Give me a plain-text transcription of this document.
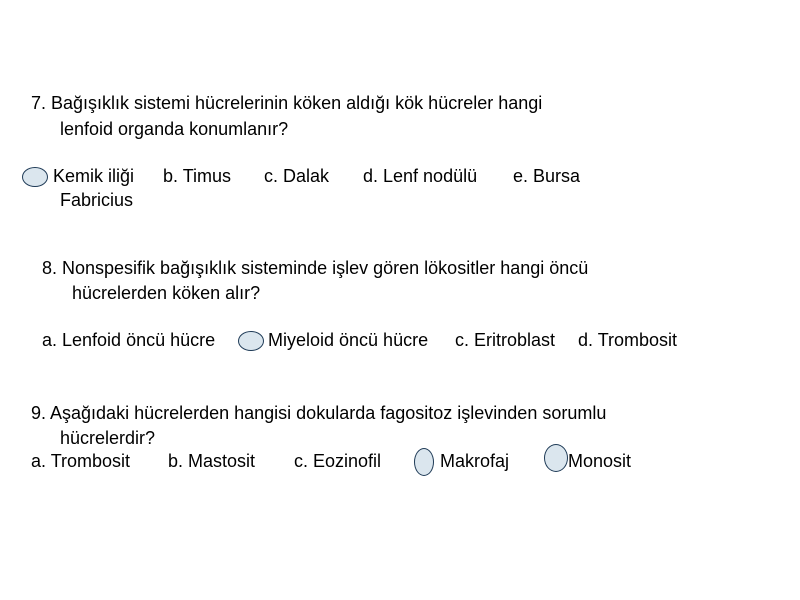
7. Bağışıklık sistemi hücrelerinin köken aldığı kök hücreler hangi
lenfoid organda konumlanır?
Kemik iliği b. Timus c. Dalak d. Lenf nodülü e. Bursa
Fabricius
8. Nonspesifik bağışıklık sisteminde işlev gören lökositler hangi öncü
hücrelerden köken alır?
a. Lenfoid öncü hücre	Miyeloid öncü hücre c. Eritroblast d. Trombosit
9. Aşağıdaki hücrelerden hangisi dokularda fagositoz işlevinden sorumlu
hücrelerdir?
a. Trombosit b. Mastosit c. Eozinofil	Makrofaj	Monosit
